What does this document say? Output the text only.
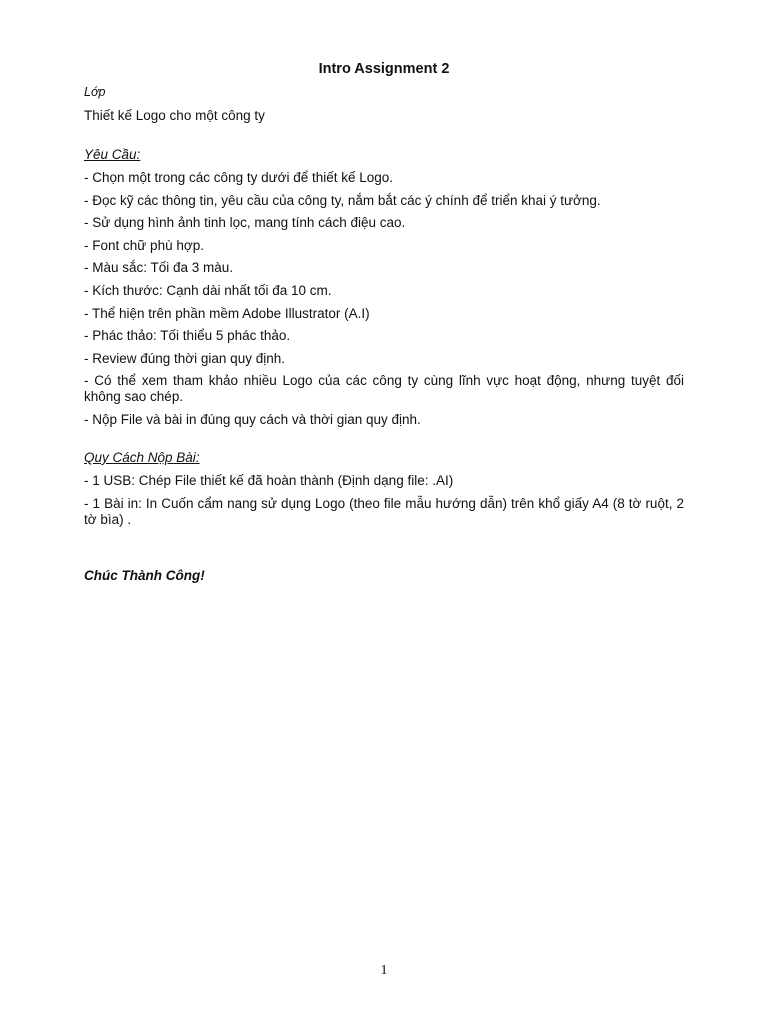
Intro Assignment 2
Lớp
Thiết kế Logo cho một công ty
Yêu Cầu:
- Chọn một trong các công ty dưới để thiết kế Logo.
- Đọc kỹ các thông tin, yêu cầu của công ty, nắm bắt các ý chính để triển khai ý tưởng.
- Sử dụng hình ảnh tinh lọc, mang tính cách điệu cao.
- Font chữ phù hợp.
- Màu sắc: Tối đa 3 màu.
- Kích thước: Cạnh dài nhất tối đa 10 cm.
- Thể hiện trên phần mềm Adobe Illustrator (A.I)
- Phác thảo: Tối thiểu 5 phác thảo.
- Review đúng thời gian quy định.
- Có thể xem tham khảo nhiều Logo của các công ty cùng lĩnh vực hoạt động, nhưng tuyệt đối không sao chép.
- Nộp File và bài in đúng quy cách và thời gian quy định.
Quy Cách Nộp Bài:
- 1 USB: Chép File thiết kế đã hoàn thành (Định dạng file: .AI)
- 1 Bài in: In Cuốn cẩm nang sử dụng Logo (theo file mẫu hướng dẫn) trên khổ giấy A4 (8 tờ ruột, 2 tờ bìa) .
Chúc Thành Công!
1
